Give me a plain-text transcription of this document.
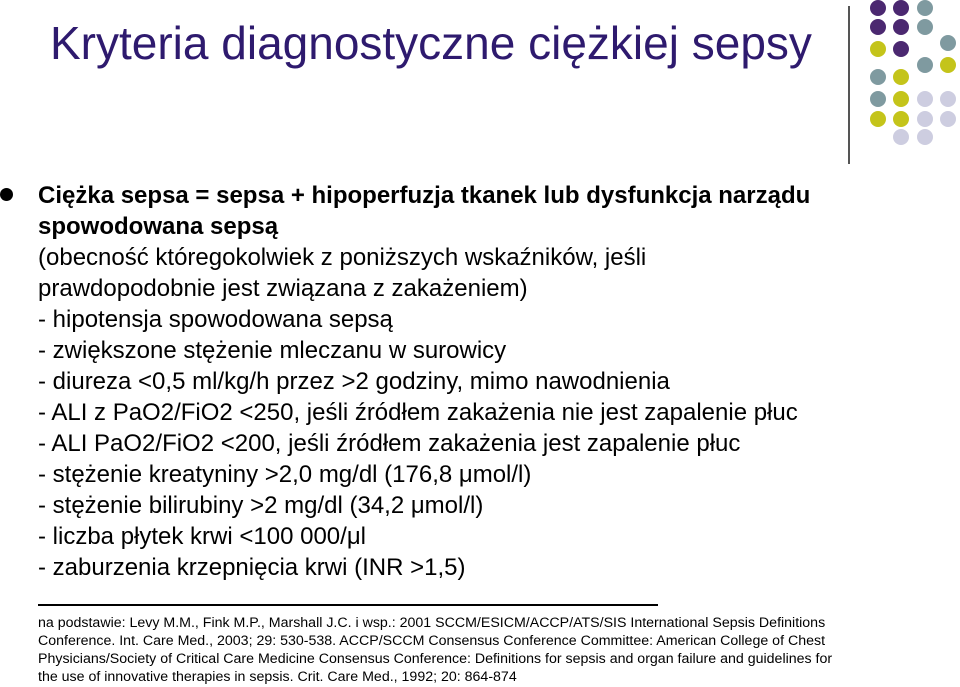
Kryteria diagnostyczne ciężkiej sepsy

Ciężka sepsa = sepsa + hipoperfuzja tkanek lub dysfunkcja narządu

spowodowana sepsą

(obecność któregokolwiek z poniższych wskaźników, jeśli

prawdopodobnie jest związana z zakażeniem)

- hipotensja spowodowana sepsą

- zwiększone stężenie mleczanu w surowicy

- diureza <0,5 ml/kg/h przez >2 godziny, mimo nawodnienia

- ALI z PaO2/FiO2 <250, jeśli źródłem zakażenia nie jest zapalenie płuc

- ALI PaO2/FiO2 <200, jeśli źródłem zakażenia jest zapalenie płuc

- stężenie kreatyniny >2,0 mg/dl (176,8 μmol/l)

- stężenie bilirubiny >2 mg/dl (34,2 μmol/l)

- liczba płytek krwi <100 000/μl

- zaburzenia krzepnięcia krwi (INR >1,5)

na podstawie: Levy M.M., Fink M.P., Marshall J.C. i wsp.: 2001 SCCM/ESICM/ACCP/ATS/SIS International Sepsis Definitions
Conference. Int. Care Med., 2003; 29: 530-538. ACCP/SCCM Consensus Conference Committee: American College of Chest
Physicians/Society of Critical Care Medicine Consensus Conference: Definitions for sepsis and organ failure and guidelines for
the use of innovative therapies in sepsis. Crit. Care Med., 1992; 20: 864-874
